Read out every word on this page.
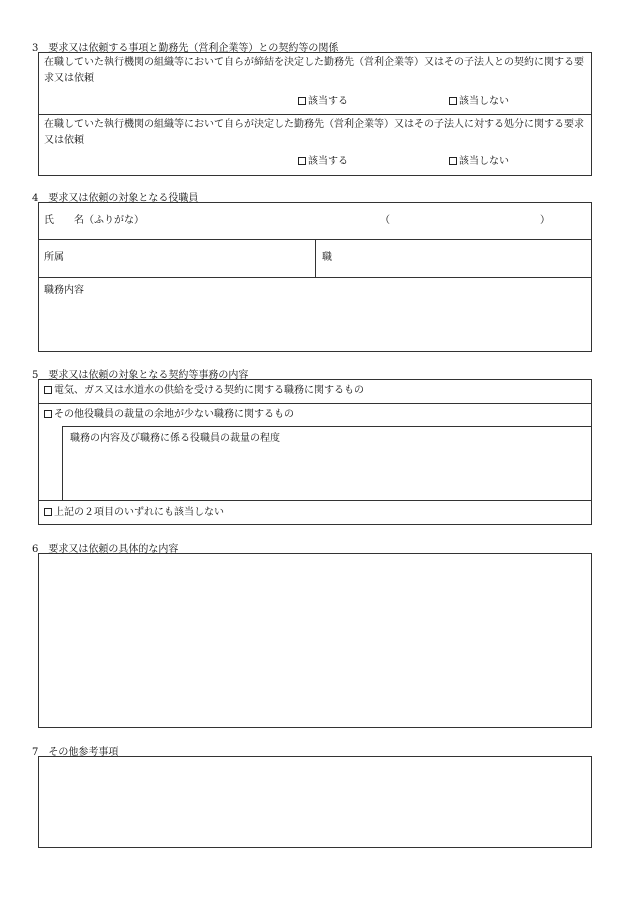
3　要求又は依頼する事項と勤務先（営利企業等）との契約等の関係
在職していた執行機関の組織等において自らが締結を決定した勤務先（営利企業等）又はその子法人との契約に関する要求又は依頼
該当する	該当しない
在職していた執行機関の組織等において自らが決定した勤務先（営利企業等）又はその子法人に対する処分に関する要求又は依頼
該当する	該当しない
4　要求又は依頼の対象となる役職員
氏　　名（ふりがな）	（	）
所属	職
職務内容
5　要求又は依頼の対象となる契約等事務の内容
電気、ガス又は水道水の供給を受ける契約に関する職務に関するもの
その他役職員の裁量の余地が少ない職務に関するもの
職務の内容及び職務に係る役職員の裁量の程度
上記の２項目のいずれにも該当しない
6　要求又は依頼の具体的な内容
7　その他参考事項
